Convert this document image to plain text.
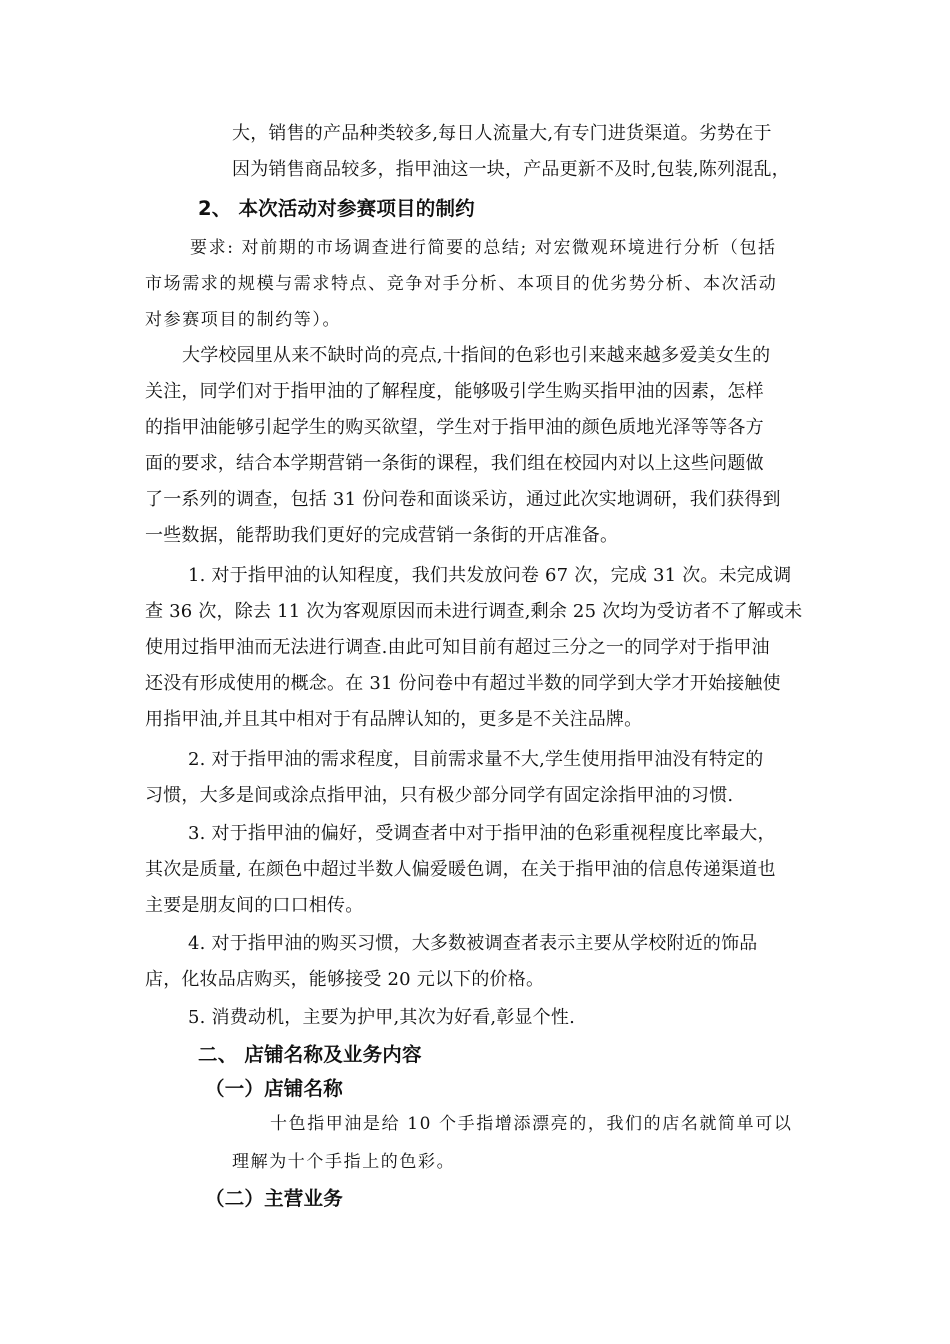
大，销售的产品种类较多,每日人流量大,有专门进货渠道。劣势在于
因为销售商品较多，指甲油这一块，产品更新不及时,包装,陈列混乱，
2、 本次活动对参赛项目的制约
要求: 对前期的市场调查进行简要的总结; 对宏微观环境进行分析（包括
市场需求的规模与需求特点、竞争对手分析、本项目的优劣势分析、本次活动
对参赛项目的制约等）。
大学校园里从来不缺时尚的亮点,十指间的色彩也引来越来越多爱美女生的
关注，同学们对于指甲油的了解程度，能够吸引学生购买指甲油的因素，怎样
的指甲油能够引起学生的购买欲望，学生对于指甲油的颜色质地光泽等等各方
面的要求，结合本学期营销一条街的课程，我们组在校园内对以上这些问题做
了一系列的调查，包括 31 份问卷和面谈采访，通过此次实地调研，我们获得到
一些数据，能帮助我们更好的完成营销一条街的开店准备。
1. 对于指甲油的认知程度，我们共发放问卷 67 次，完成 31 次。未完成调
查 36 次，除去 11 次为客观原因而未进行调查,剩余 25 次均为受访者不了解或未
使用过指甲油而无法进行调查.由此可知目前有超过三分之一的同学对于指甲油
还没有形成使用的概念。在 31 份问卷中有超过半数的同学到大学才开始接触使
用指甲油,并且其中相对于有品牌认知的，更多是不关注品牌。
2. 对于指甲油的需求程度，目前需求量不大,学生使用指甲油没有特定的
习惯，大多是间或涂点指甲油，只有极少部分同学有固定涂指甲油的习惯.
3. 对于指甲油的偏好，受调查者中对于指甲油的色彩重视程度比率最大，
其次是质量, 在颜色中超过半数人偏爱暖色调，在关于指甲油的信息传递渠道也
主要是朋友间的口口相传。
4. 对于指甲油的购买习惯，大多数被调查者表示主要从学校附近的饰品
店，化妆品店购买，能够接受 20 元以下的价格。
5. 消费动机，主要为护甲,其次为好看,彰显个性.
二、 店铺名称及业务内容
（一）店铺名称
十色指甲油是给 10 个手指增添漂亮的，我们的店名就简单可以
理解为十个手指上的色彩。
（二）主营业务
